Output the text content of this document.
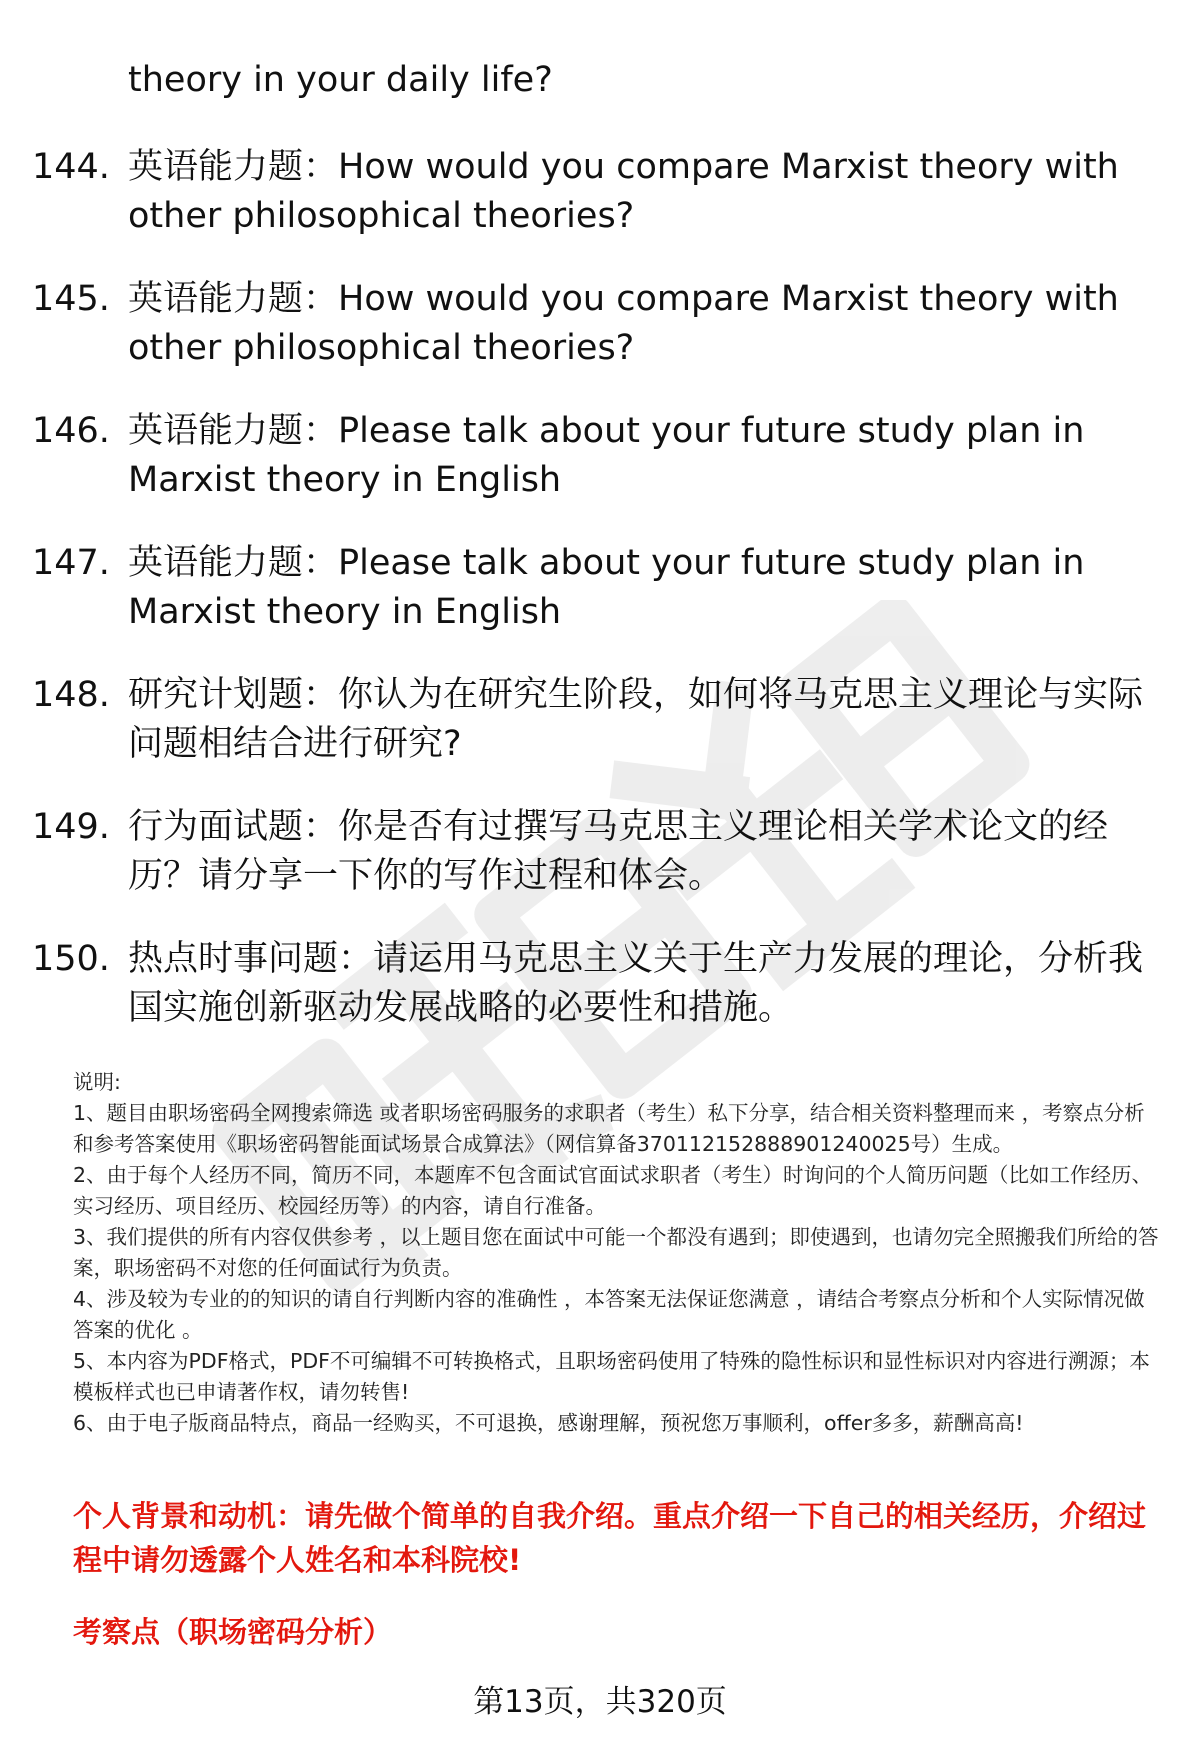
theory in your daily life?
144. 英语能力题：How would you compare Marxist theory with other philosophical theories?
145. 英语能力题：How would you compare Marxist theory with other philosophical theories?
146. 英语能力题：Please talk about your future study plan in Marxist theory in English
147. 英语能力题：Please talk about your future study plan in Marxist theory in English
148. 研究计划题：你认为在研究生阶段，如何将马克思主义理论与实际问题相结合进行研究?
149. 行为面试题：你是否有过撰写马克思主义理论相关学术论文的经历？请分享一下你的写作过程和体会。
150. 热点时事问题：请运用马克思主义关于生产力发展的理论，分析我国实施创新驱动发展战略的必要性和措施。

说明:

1、题目由职场密码全网搜索筛选 或者职场密码服务的求职者（考生）私下分享，结合相关资料整理而来 ，考察点分析和参考答案使用《职场密码智能面试场景合成算法》（网信算备370112152888901240025号）生成。

2、由于每个人经历不同，简历不同，本题库不包含面试官面试求职者（考生）时询问的个人简历问题（比如工作经历、实习经历、项目经历、校园经历等）的内容，请自行准备。

3、我们提供的所有内容仅供参考 ，以上题目您在面试中可能一个都没有遇到；即使遇到，也请勿完全照搬我们所给的答案，职场密码不对您的任何面试行为负责。

4、涉及较为专业的的知识的请自行判断内容的准确性 ，本答案无法保证您满意 ，请结合考察点分析和个人实际情况做答案的优化 。

5、本内容为PDF格式，PDF不可编辑不可转换格式，且职场密码使用了特殊的隐性标识和显性标识对内容进行溯源；本模板样式也已申请著作权，请勿转售!

6、由于电子版商品特点，商品一经购买，不可退换，感谢理解，预祝您万事顺利，offer多多，薪酬高高!

个人背景和动机：请先做个简单的自我介绍。重点介绍一下自己的相关经历，介绍过程中请勿透露个人姓名和本科院校!
考察点（职场密码分析）
第13页，共320页
